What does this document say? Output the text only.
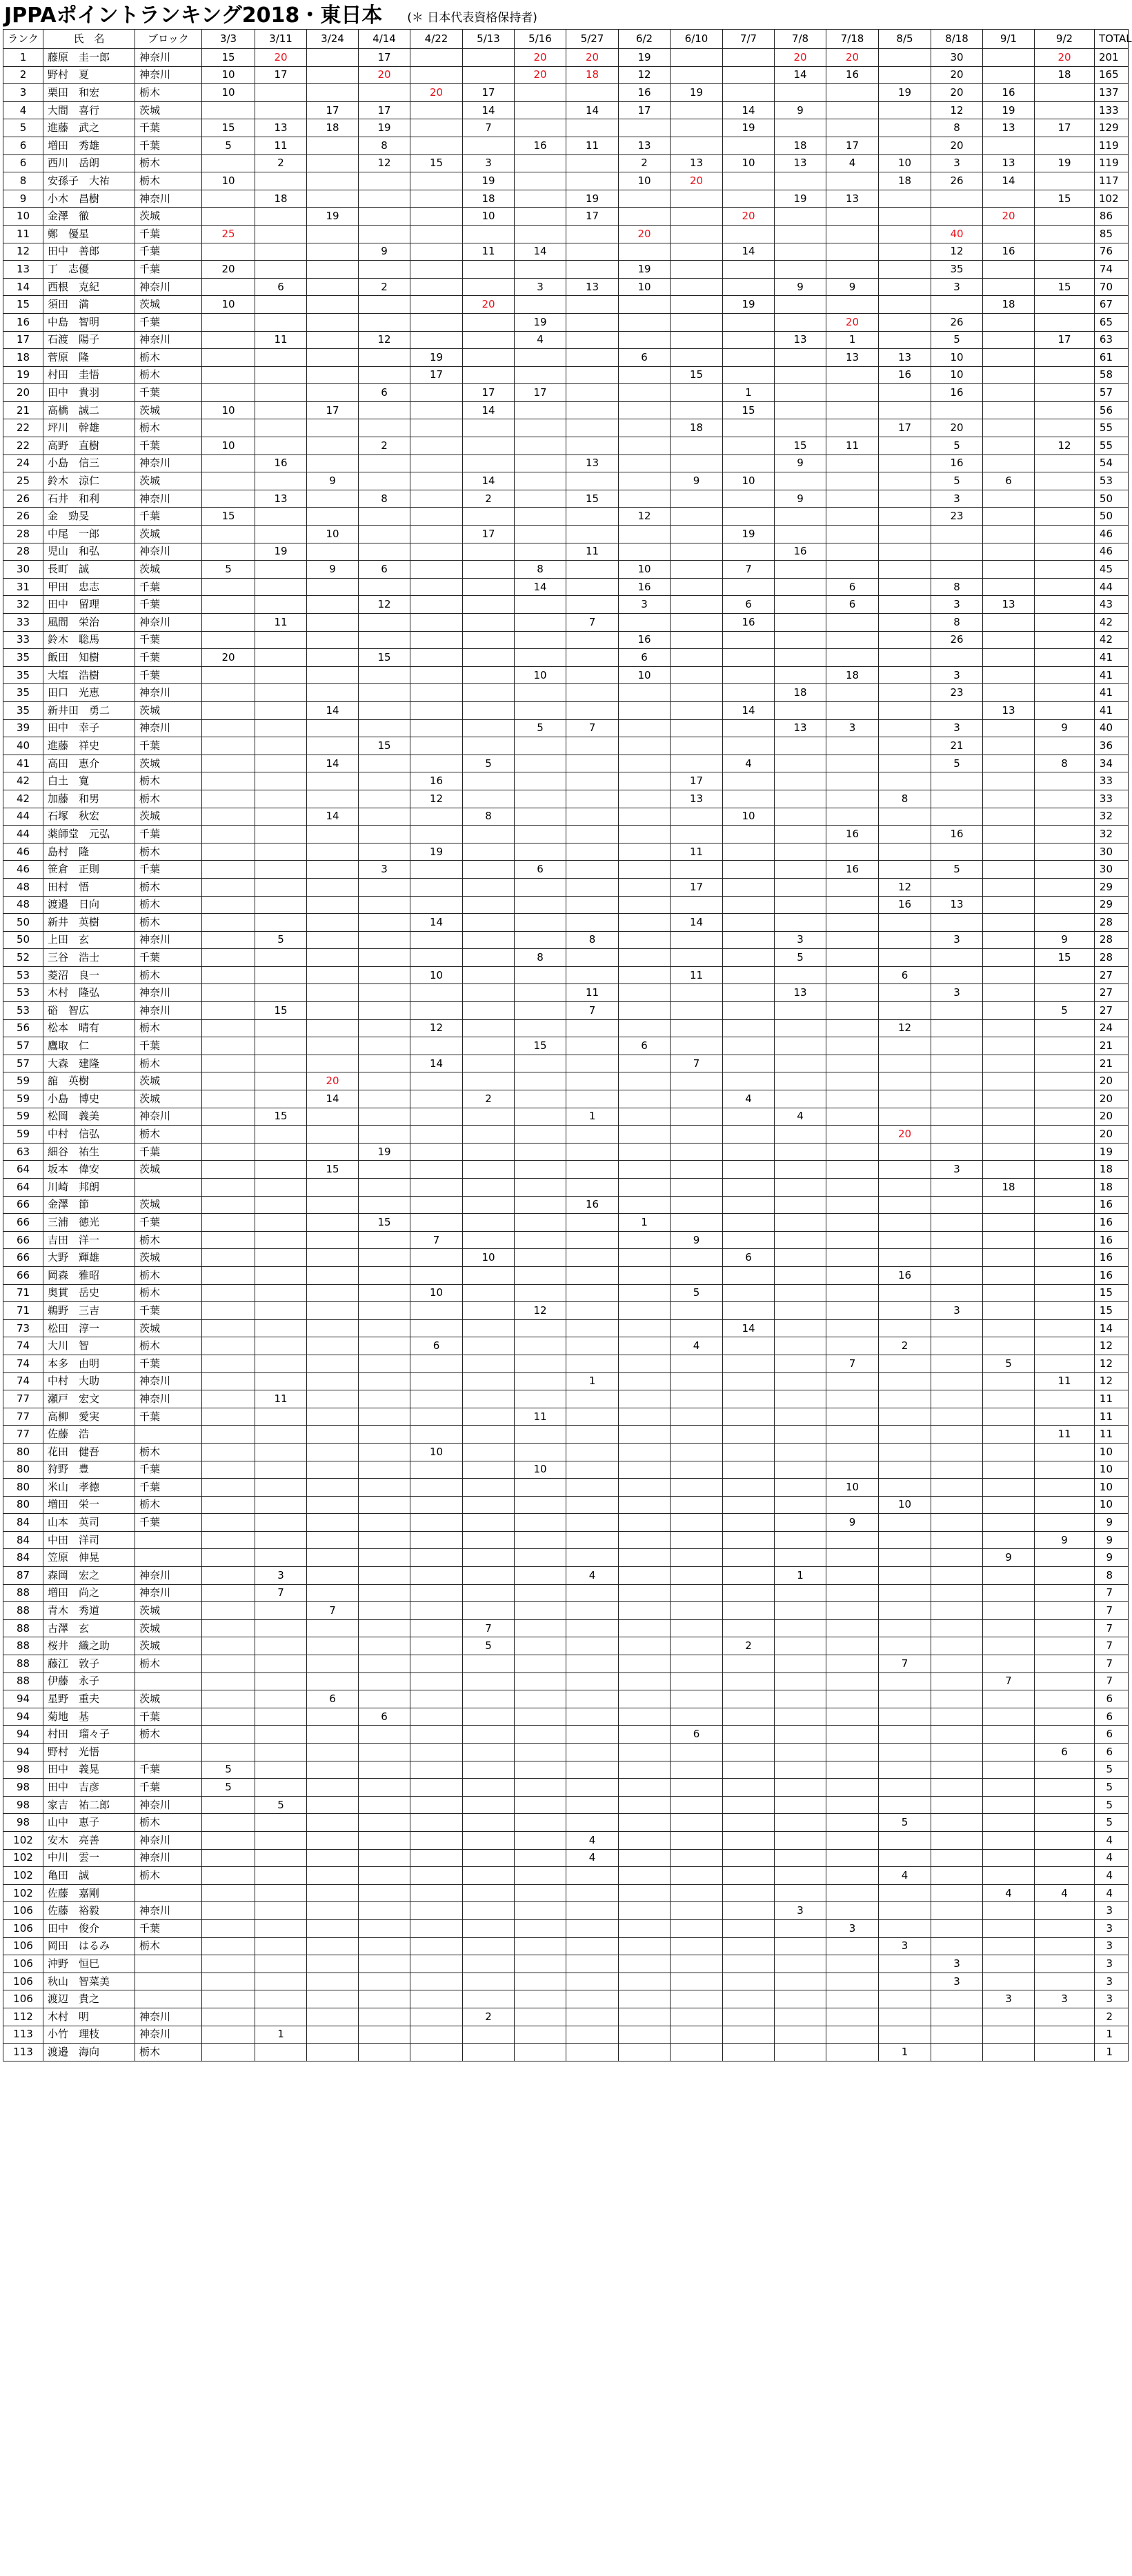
JPPAポイントランキング2018・東日本 (＊ 日本代表資格保持者)
ランク	氏　名	ブロック	3/3	3/11	3/24	4/14	4/22	5/13	5/16	5/27	6/2	6/10	7/7	7/8	7/18	8/5	8/18	9/1	9/2	TOTAL
1	藤原　圭一郎	神奈川	15	20		17			20	20	19			20	20		30		20	201
2	野村　夏	神奈川	10	17		20			20	18	12			14	16		20		18	165
3	栗田　和宏	栃木	10				20	17			16	19				19	20	16		137
4	大間　喜行	茨城			17	17		14		14	17		14	9			12	19		133
5	進藤　武之	千葉	15	13	18	19		7					19				8	13	17	129
6	増田　秀雄	千葉	5	11		8			16	11	13			18	17		20			119
6	西川　岳朗	栃木		2		12	15	3			2	13	10	13	4	10	3	13	19	119
8	安孫子　大祐	栃木	10					19			10	20				18	26	14		117
9	小木　昌樹	神奈川		18				18		19				19	13				15	102
10	金澤　徹	茨城			19			10		17			20					20		86
11	鄭　優星	千葉	25								20						40			85
12	田中　善郎	千葉				9		11	14				14				12	16		76
13	丁　志優	千葉	20								19						35			74
14	西根　克紀	神奈川		6		2			3	13	10			9	9		3		15	70
15	須田　満	茨城	10					20					19					18		67
16	中島　智明	千葉							19						20		26			65
17	石渡　陽子	神奈川		11		12			4					13	1		5		17	63
18	菅原　隆	栃木					19				6				13	13	10			61
19	村田　圭悟	栃木					17					15				16	10			58
20	田中　貴羽	千葉				6		17	17				1				16			57
21	高橋　誠二	茨城	10		17			14					15							56
22	坪川　幹雄	栃木										18				17	20			55
22	高野　直樹	千葉	10			2								15	11		5		12	55
24	小島　信三	神奈川		16						13				9			16			54
25	鈴木　涼仁	茨城			9			14				9	10				5	6		53
26	石井　和利	神奈川		13		8		2		15				9			3			50
26	金　勁旻	千葉	15								12						23			50
28	中尾　一郎	茨城			10			17					19							46
28	児山　和弘	神奈川		19						11				16						46
30	長町　誠	茨城	5		9	6			8		10		7							45
31	甲田　忠志	千葉							14		16				6		8			44
32	田中　留理	千葉				12					3		6		6		3	13		43
33	風間　栄治	神奈川		11						7			16				8			42
33	鈴木　聡馬	千葉									16						26			42
35	飯田　知樹	千葉	20			15					6									41
35	大塩　浩樹	千葉							10		10				18		3			41
35	田口　光恵	神奈川												18			23			41
35	新井田　勇二	茨城			14								14					13		41
39	田中　幸子	神奈川							5	7				13	3		3		9	40
40	進藤　祥史	千葉				15											21			36
41	高田　恵介	茨城			14			5					4				5		8	34
42	白土　寛	栃木					16					17								33
42	加藤　和男	栃木					12					13				8				33
44	石塚　秋宏	茨城			14			8					10							32
44	薬師堂　元弘	千葉													16		16			32
46	島村　隆	栃木					19					11								30
46	笹倉　正則	千葉				3			6						16		5			30
48	田村　悟	栃木										17				12				29
48	渡邉　日向	栃木														16	13			29
50	新井　英樹	栃木					14					14								28
50	上田　玄	神奈川		5						8				3			3		9	28
52	三谷　浩士	千葉							8					5					15	28
53	菱沼　良一	栃木					10					11				6				27
53	木村　隆弘	神奈川								11				13			3			27
53	硲　智広	神奈川		15						7									5	27
56	松本　晴有	栃木					12									12				24
57	鷹取　仁	千葉							15		6									21
57	大森　建隆	栃木					14					7								21
59	舘　英樹	茨城			20															20
59	小島　博史	茨城			14			2					4							20
59	松岡　義美	神奈川		15						1				4						20
59	中村　信弘	栃木														20				20
63	細谷　祐生	千葉				19														19
64	坂本　偉安	茨城			15												3			18
64	川崎　邦朗																	18		18
66	金澤　節	茨城								16										16
66	三浦　徳光	千葉				15					1									16
66	吉田　洋一	栃木					7					9								16
66	大野　輝雄	茨城						10					6							16
66	岡森　雅昭	栃木														16				16
71	奥貫　岳史	栃木					10					5								15
71	鵜野　三吉	千葉							12								3			15
73	松田　淳一	茨城											14							14
74	大川　智	栃木					6					4				2				12
74	本多　由明	千葉													7			5		12
74	中村　大助	神奈川								1									11	12
77	瀬戸　宏文	神奈川		11																11
77	高柳　愛実	千葉							11											11
77	佐藤　浩																		11	11
80	花田　健吾	栃木					10													10
80	狩野　豊	千葉							10											10
80	米山　孝徳	千葉													10					10
80	増田　栄一	栃木														10				10
84	山本　英司	千葉													9					9
84	中田　洋司																		9	9
84	笠原　伸晃																	9		9
87	森岡　宏之	神奈川		3						4				1						8
88	増田　尚之	神奈川		7																7
88	青木　秀道	茨城			7															7
88	古澤　玄	茨城						7												7
88	桜井　織之助	茨城						5					2							7
88	藤江　敦子	栃木														7				7
88	伊藤　永子																	7		7
94	星野　重夫	茨城			6															6
94	菊地　基	千葉				6														6
94	村田　瑠々子	栃木										6								6
94	野村　光悟																		6	6
98	田中　義晃	千葉	5																	5
98	田中　吉彦	千葉	5																	5
98	家吉　祐二郎	神奈川		5																5
98	山中　恵子	栃木														5				5
102	安木　亮善	神奈川								4										4
102	中川　雲一	神奈川								4										4
102	亀田　誠	栃木														4				4
102	佐藤　嘉剛																	4	4	4
106	佐藤　裕毅	神奈川												3						3
106	田中　俊介	千葉													3					3
106	岡田　はるみ	栃木														3				3
106	沖野　恒巳																3			3
106	秋山　智菜美																3			3
106	渡辺　貴之																	3	3	3
112	木村　明	神奈川						2												2
113	小竹　理枝	神奈川		1																1
113	渡邉　海向	栃木														1				1
